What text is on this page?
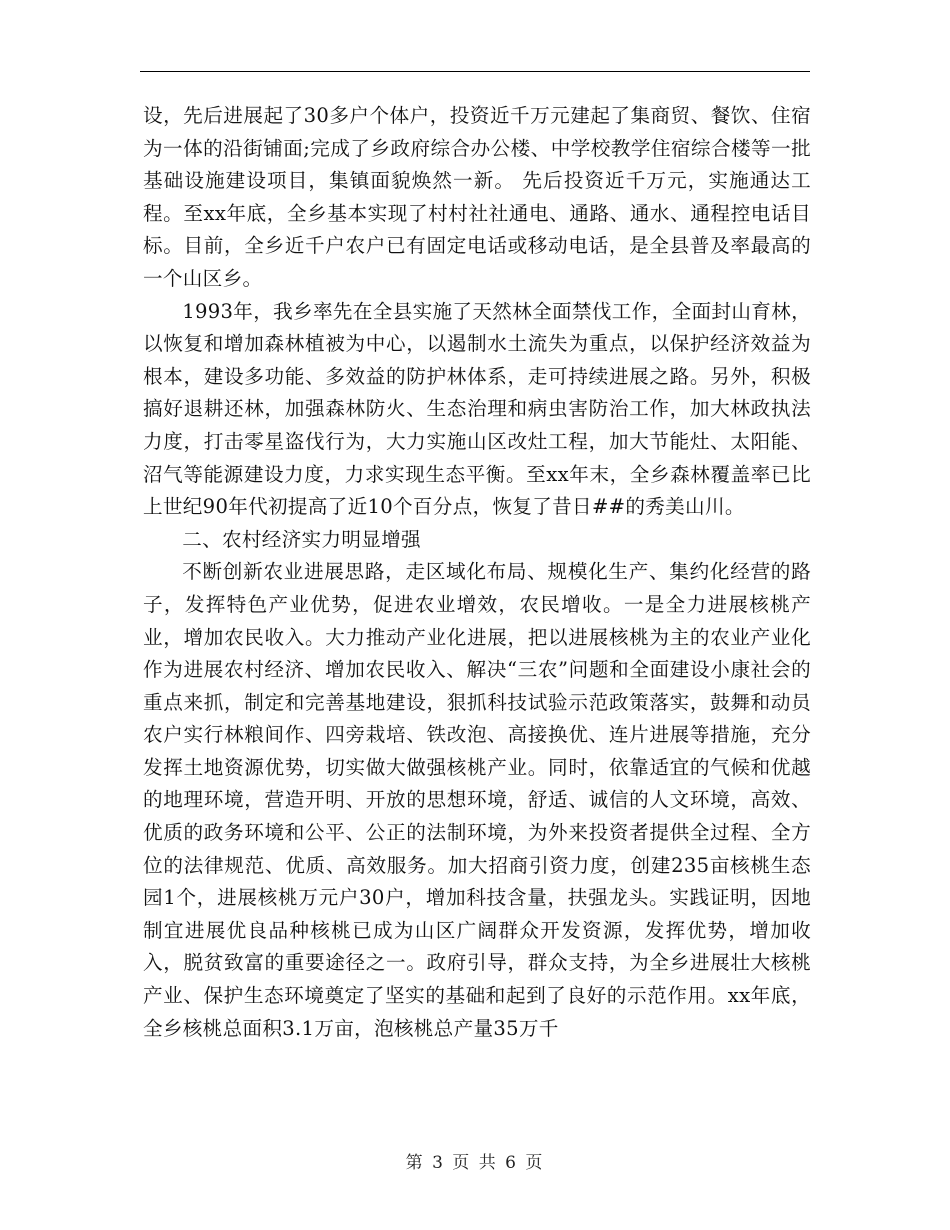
设，先后进展起了30多户个体户，投资近千万元建起了集商贸、餐饮、住宿为一体的沿街铺面;完成了乡政府综合办公楼、中学校教学住宿综合楼等一批基础设施建设项目，集镇面貌焕然一新。 先后投资近千万元，实施通达工程。至xx年底，全乡基本实现了村村社社通电、通路、通水、通程控电话目标。目前，全乡近千户农户已有固定电话或移动电话，是全县普及率最高的一个山区乡。

1993年，我乡率先在全县实施了天然林全面禁伐工作，全面封山育林，以恢复和增加森林植被为中心，以遏制水土流失为重点，以保护经济效益为根本，建设多功能、多效益的防护林体系，走可持续进展之路。另外，积极搞好退耕还林，加强森林防火、生态治理和病虫害防治工作，加大林政执法力度，打击零星盗伐行为，大力实施山区改灶工程，加大节能灶、太阳能、沼气等能源建设力度，力求实现生态平衡。至xx年末，全乡森林覆盖率已比上世纪90年代初提高了近10个百分点，恢复了昔日##的秀美山川。

二、农村经济实力明显增强

不断创新农业进展思路，走区域化布局、规模化生产、集约化经营的路子，发挥特色产业优势，促进农业增效，农民增收。一是全力进展核桃产业，增加农民收入。大力推动产业化进展，把以进展核桃为主的农业产业化作为进展农村经济、增加农民收入、解决“三农”问题和全面建设小康社会的重点来抓，制定和完善基地建设，狠抓科技试验示范政策落实，鼓舞和动员农户实行林粮间作、四旁栽培、铁改泡、高接换优、连片进展等措施，充分发挥土地资源优势，切实做大做强核桃产业。同时，依靠适宜的气候和优越的地理环境，营造开明、开放的思想环境，舒适、诚信的人文环境，高效、优质的政务环境和公平、公正的法制环境，为外来投资者提供全过程、全方位的法律规范、优质、高效服务。加大招商引资力度，创建235亩核桃生态园1个，进展核桃万元户30户，增加科技含量，扶强龙头。实践证明，因地制宜进展优良品种核桃已成为山区广阔群众开发资源，发挥优势，增加收入，脱贫致富的重要途径之一。政府引导，群众支持，为全乡进展壮大核桃产业、保护生态环境奠定了坚实的基础和起到了良好的示范作用。xx年底，全乡核桃总面积3.1万亩，泡核桃总产量35万千

第 3 页 共 6 页
